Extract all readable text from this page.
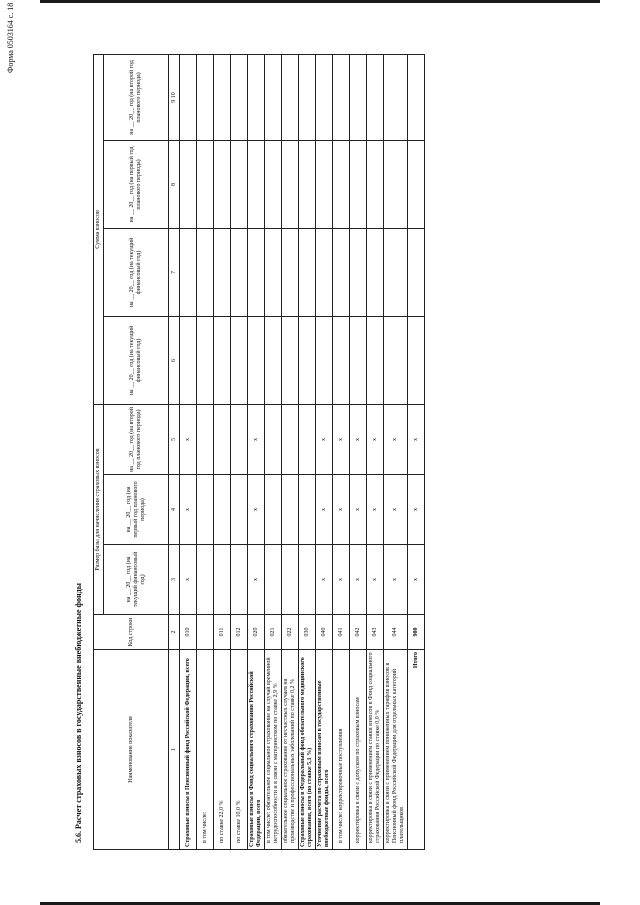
Форма 0503164 с. 18
5.6. Расчет страховых взносов в государственные внебюджетные фонды	Наименование показателя	Код строки	Размер базы для начисления страховых взносов			Сумма взносов			
		на __ 20__ год (на текущий финансовый год)	на __ 20__ год (на первый год планового периода)	на __ 20__ год (на второй год планового периода)	на __ 20__ год (на текущий финансовый год)	на __ 20__ год (на текущий финансовый год)	на __ 20__ год (на первый год планового периода)	на __ 20__ год (на второй год планового периода)
1	2	3	4	5	6	7	8	9 10
Страховые взносы в Пенсионный фонд Российской Федерации, всего	010	x	x	x				
в том числе:								
по ставке 22,0 %	011							
по ставке 10,0 %	012							
Страховые взносы в Фонд социального страхования Российской Федерации, всего	020	x	x	x				
в том числе: обязательное социальное страхование на случай временной нетрудоспособности и в связи с материнством по ставке 2,9 %	021							
обязательное социальное страхование от несчастных случаев на производстве и профессиональных заболеваний по ставке 0,2 %	022							
Страховые взносы в Федеральный фонд обязательного медицинского страхования, всего (по ставке 5,1 %)	030							
Уточнение расчета по страховым взносам в государственные внебюджетные фонды, всего	040	x	x	x				
в том числе: корректировочные поступления	041	x	x	x				
корректировка в связи с допуском по страховым взносам	042	x	x	x				
корректировка в связи с применением ставки взносов в Фонд социального страхования Российской Федерации по ставке 0,0 %	043	x	x	x				
корректировка в связи с применением пониженных тарифов взносов в Пенсионный фонд Российской Федерации для отдельных категорий плательщиков	044	x	x	x				
Итого	900	x	x	x				
